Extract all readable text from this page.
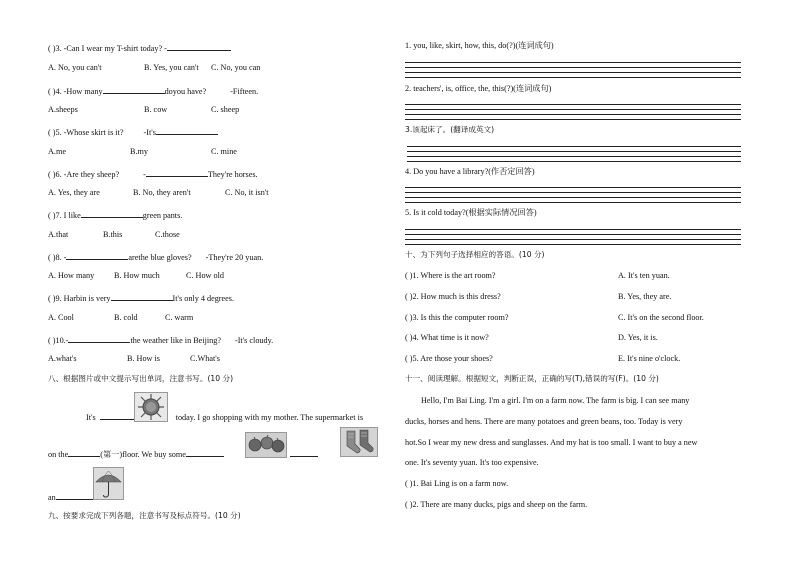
( )3. -Can I wear my T-shirt today? -
A. No, you can't	B. Yes, you can't C. No, you can
( )4. -How many	doyou have?	-Fifteen.
A.sheeps	B. cow	C. sheep
( )5. -Whose skirt is it? -It's
A.me	B.my	C. mine
( )6. -Are they sheep?	-	They're horses.
A. Yes, they are	B. No, they aren't	C. No, it isn't
( )7. I like	green pants.
A.that	B.this	C.those
( )8. -	arethe blue gloves? -They're 20 yuan.
A. How many B. How much	C. How old
( )9. Harbin is very	It's only 4 degrees.
A. Cool	B. cold	C. warm
( )10.-	the weather like in Beijing? -It's cloudy.
A.what's	B. How is	C.What's
八、根据图片或中文提示写出单词，注意书写。(10 分)
It's	today. I go shopping with my mother. The supermarket is
on the	(第一)floor. We buy some
an
九、按要求完成下列各题，注意书写及标点符号。(10 分)
1. you, like, skirt, how, this, do(?)(连词成句)
2. teachers', is, office, the, this(?)(连词成句)
3.该起床了。(翻译成英文)
4. Do you have a library?(作否定回答)
5. Is it cold today?(根据实际情况回答)
十、为下列句子选择相应的答语。(10 分)
( )1. Where is the art room?	A. It's ten yuan.
( )2. How much is this dress?	B. Yes, they are.
( )3. Is this the computer room?	C. It's on the second floor.
( )4. What time is it now?	D. Yes, it is.
( )5. Are those your shoes?	E. It's nine o'clock.
十一、阅读理解。根据短文，判断正误，正确的写(T),错误的写(F)。(10 分)
Hello, I'm Bai Ling. I'm a girl. I'm on a farm now. The farm is big. I can see many
ducks, horses and hens. There are many potatoes and green beans, too. Today is very
hot.So I wear my new dress and sunglasses. And my hat is too small. I want to buy a new
one. It's seventy yuan. It's too expensive.
( )1. Bai Ling is on a farm now.
( )2. There are many ducks, pigs and sheep on the farm.
